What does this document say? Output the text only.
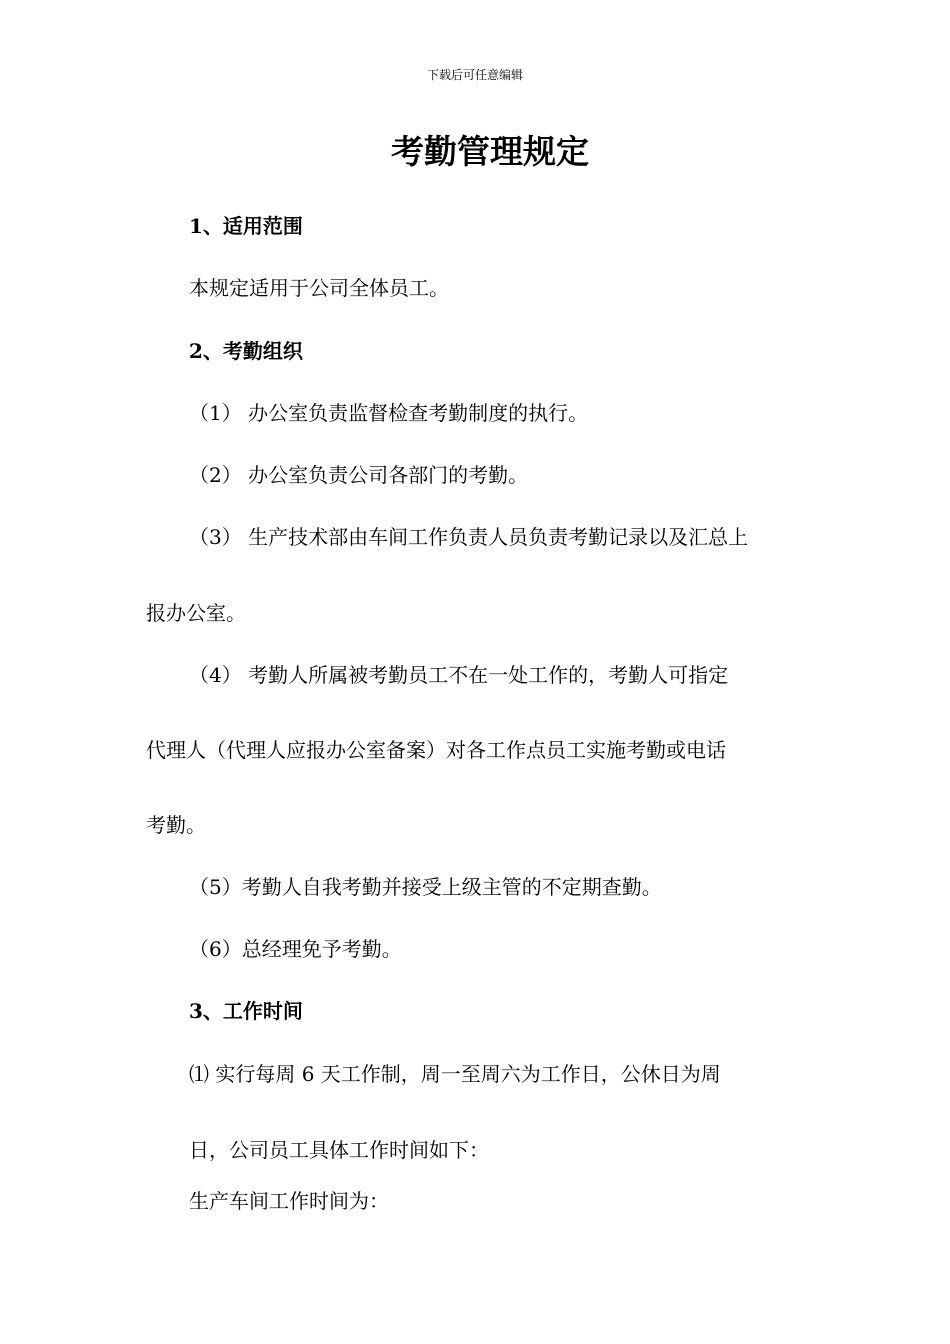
下载后可任意编辑
考勤管理规定
1、适用范围
本规定适用于公司全体员工。
2、考勤组织
（1） 办公室负责监督检查考勤制度的执行。
（2） 办公室负责公司各部门的考勤。
（3） 生产技术部由车间工作负责人员负责考勤记录以及汇总上
报办公室。
（4） 考勤人所属被考勤员工不在一处工作的，考勤人可指定
代理人（代理人应报办公室备案）对各工作点员工实施考勤或电话
考勤。
（5）考勤人自我考勤并接受上级主管的不定期查勤。
（6）总经理免予考勤。
3、工作时间
⑴ 实行每周 6 天工作制，周一至周六为工作日，公休日为周
日，公司员工具体工作时间如下：
生产车间工作时间为：
